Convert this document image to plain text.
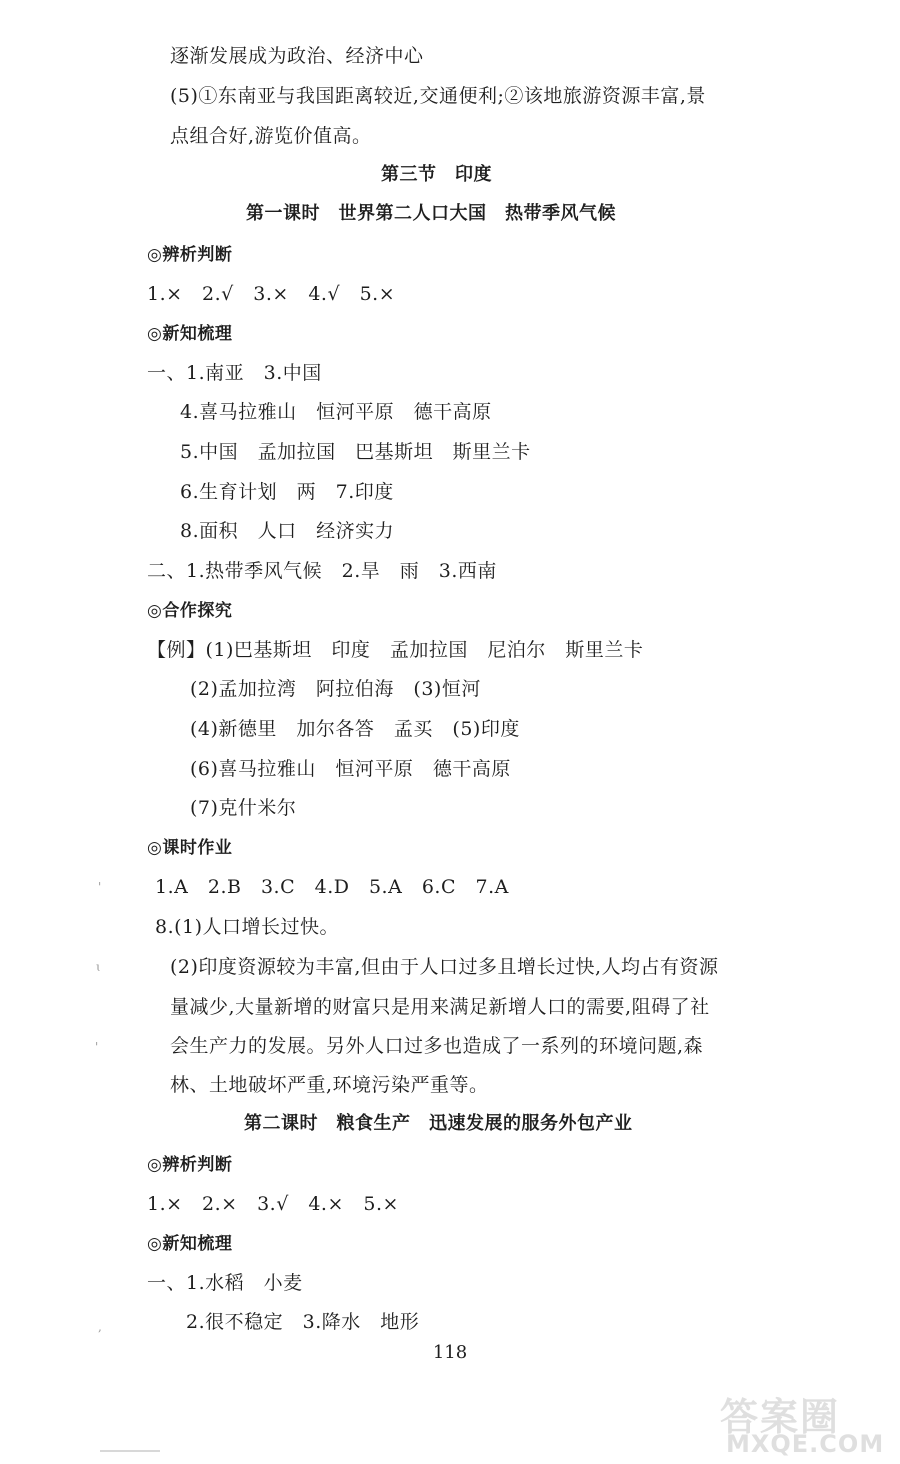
逐渐发展成为政治、经济中心
(5)①东南亚与我国距离较近,交通便利;②该地旅游资源丰富,景
点组合好,游览价值高。
第三节　印度
第一课时　世界第二人口大国　热带季风气候
◎辨析判断
1.×　2.√　3.×　4.√　5.×
◎新知梳理
一、1.南亚　3.中国
4.喜马拉雅山　恒河平原　德干高原
5.中国　孟加拉国　巴基斯坦　斯里兰卡
6.生育计划　两　7.印度
8.面积　人口　经济实力
二、1.热带季风气候　2.旱　雨　3.西南
◎合作探究
【例】(1)巴基斯坦　印度　孟加拉国　尼泊尔　斯里兰卡
(2)孟加拉湾　阿拉伯海　(3)恒河
(4)新德里　加尔各答　孟买　(5)印度
(6)喜马拉雅山　恒河平原　德干高原
(7)克什米尔
◎课时作业
1.A　2.B　3.C　4.D　5.A　6.C　7.A
8.(1)人口增长过快。
(2)印度资源较为丰富,但由于人口过多且增长过快,人均占有资源
量减少,大量新增的财富只是用来满足新增人口的需要,阻碍了社
会生产力的发展。另外人口过多也造成了一系列的环境问题,森
林、土地破坏严重,环境污染严重等。
第二课时　粮食生产　迅速发展的服务外包产业
◎辨析判断
1.×　2.×　3.√　4.×　5.×
◎新知梳理
一、1.水稻　小麦
2.很不稳定　3.降水　地形
118
'
ɩ
'
,
答案圈
MXQE.COM
